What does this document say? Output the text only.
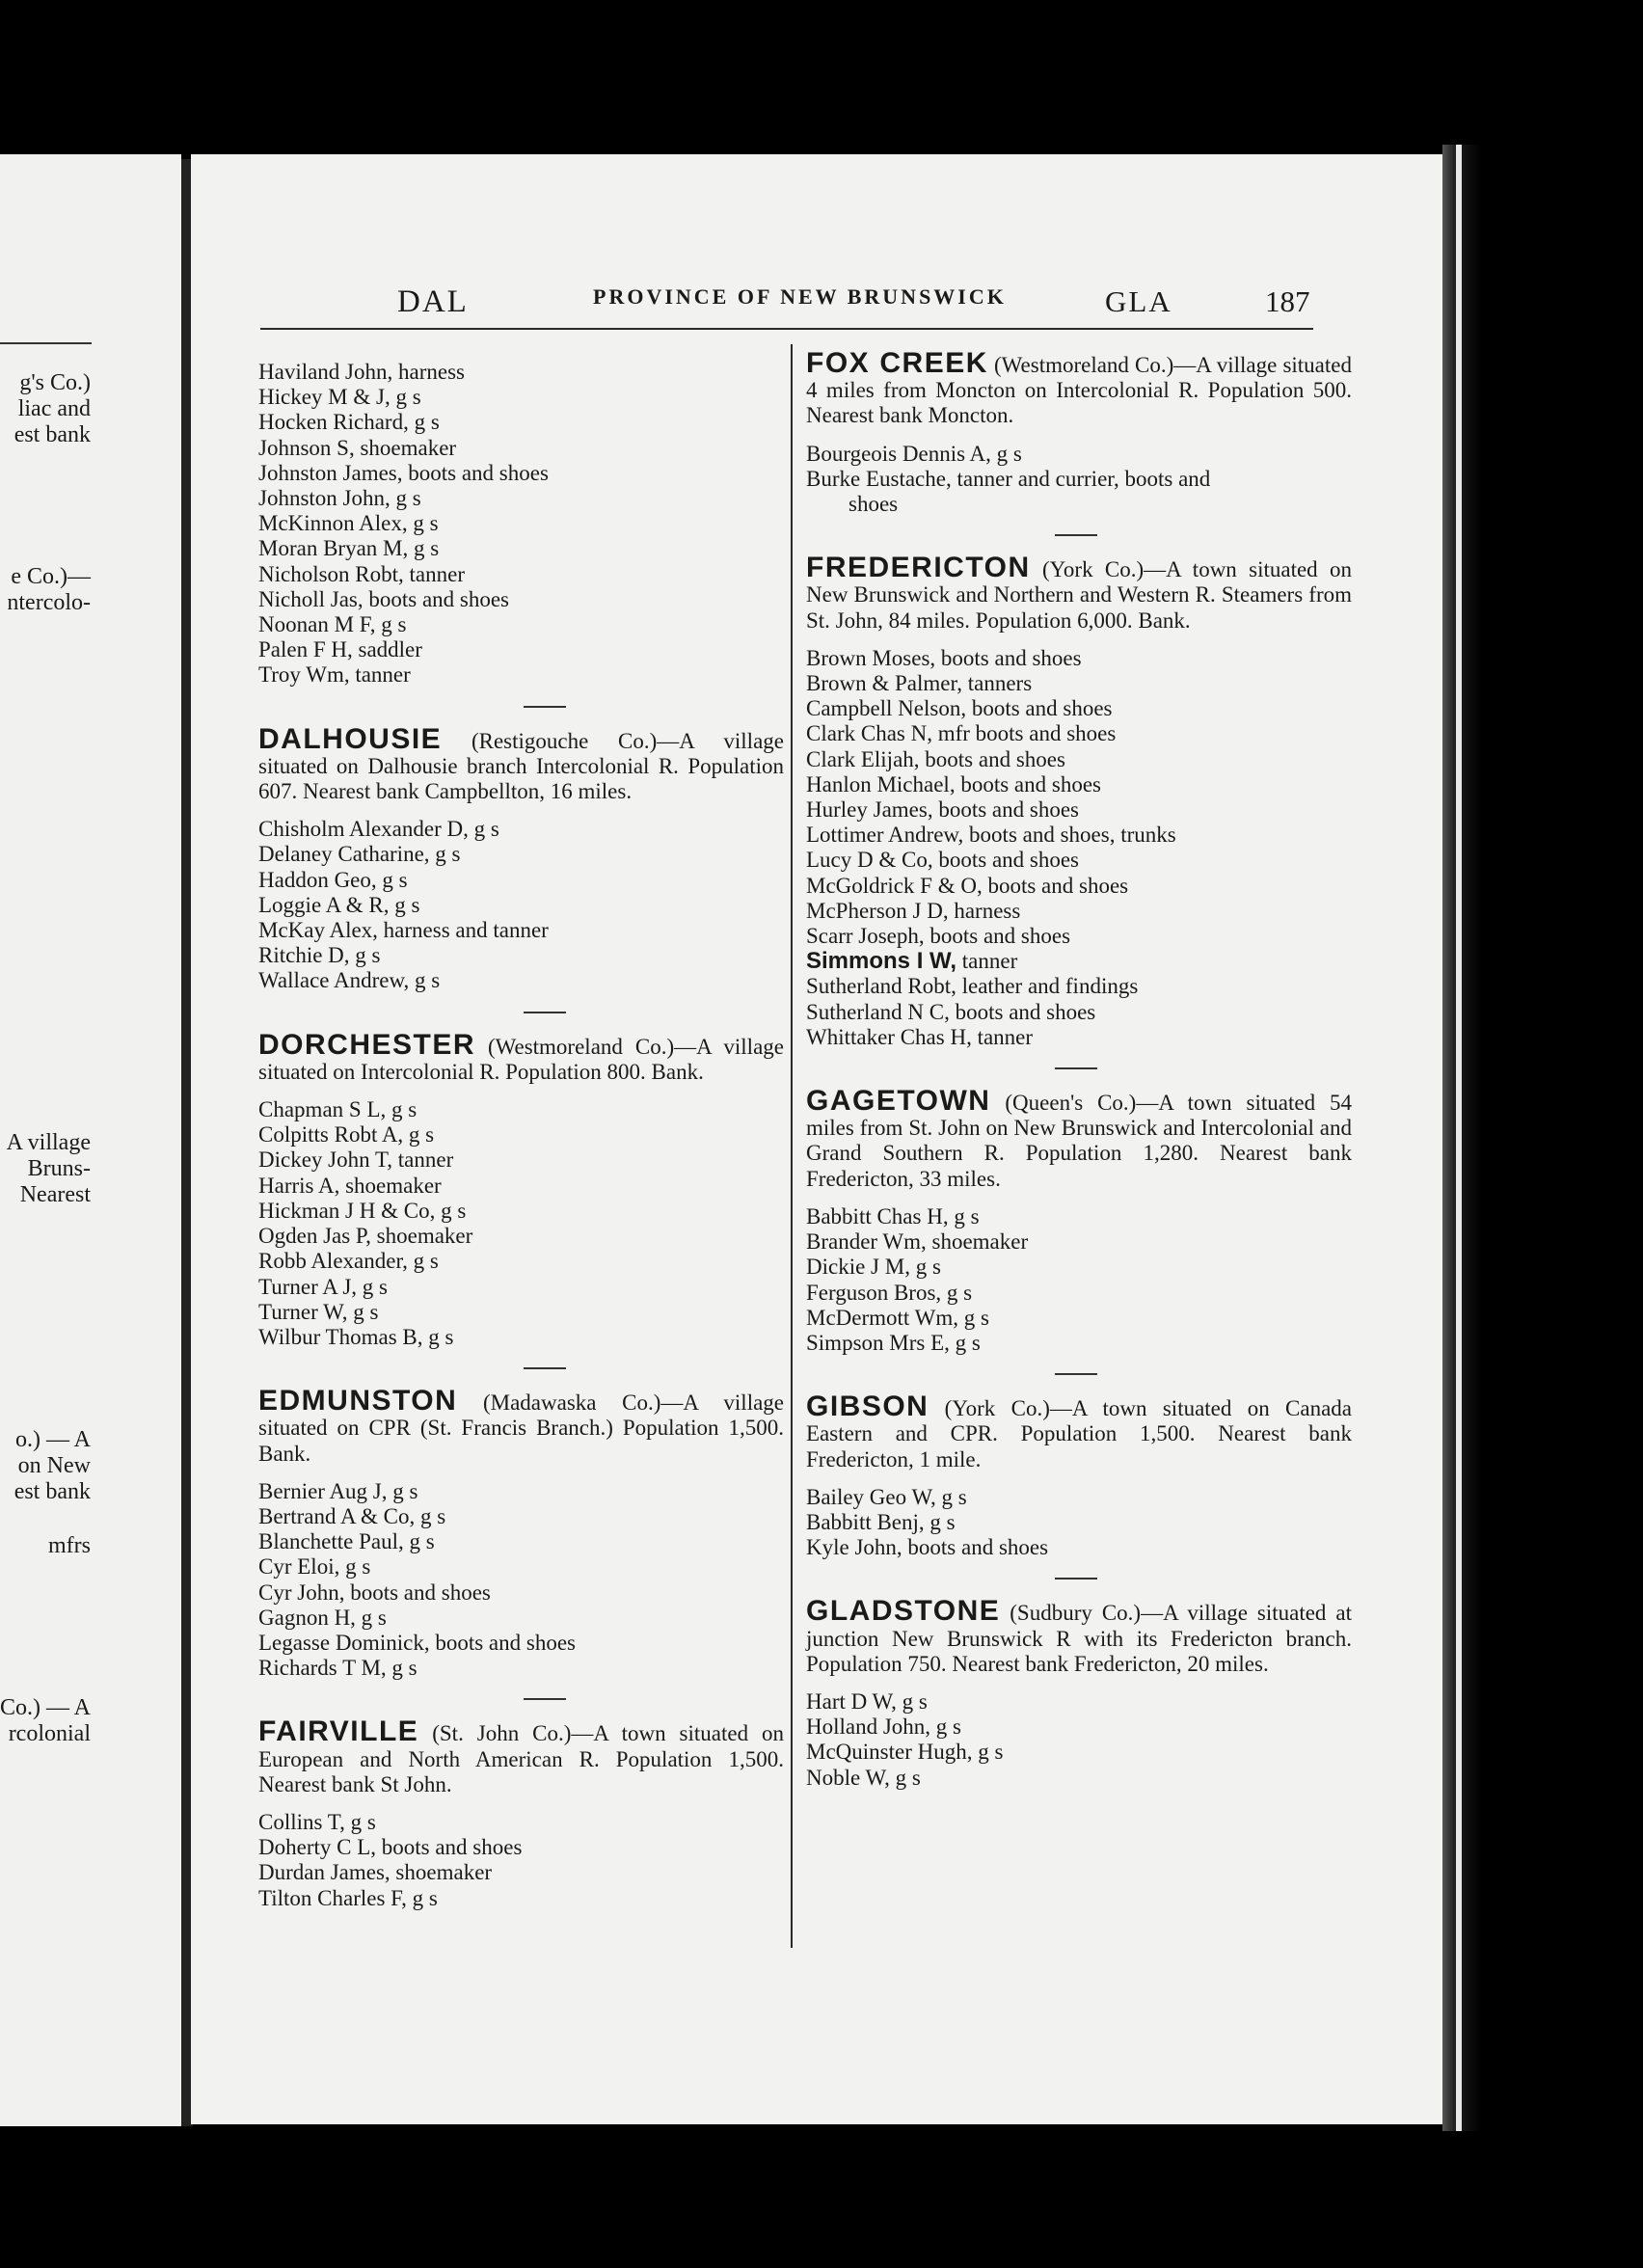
g's Co.)
liac and
est bank
e Co.)—
ntercolo-
A village
Bruns-
Nearest
o.) — A
on New
est bank
mfrs
Co.) — A
rcolonial
DAL	PROVINCE OF NEW BRUNSWICK	GLA	187
Haviland John, harness
Hickey M & J, g s
Hocken Richard, g s
Johnson S, shoemaker
Johnston James, boots and shoes
Johnston John, g s
McKinnon Alex, g s
Moran Bryan M, g s
Nicholson Robt, tanner
Nicholl Jas, boots and shoes
Noonan M F, g s
Palen F H, saddler
Troy Wm, tanner
DALHOUSIE (Restigouche Co.)—A village situated on Dalhousie branch Intercolonial R. Population 607. Nearest bank Campbellton, 16 miles.
Chisholm Alexander D, g s
Delaney Catharine, g s
Haddon Geo, g s
Loggie A & R, g s
McKay Alex, harness and tanner
Ritchie D, g s
Wallace Andrew, g s
DORCHESTER (Westmoreland Co.)—A village situated on Intercolonial R. Population 800. Bank.
Chapman S L, g s
Colpitts Robt A, g s
Dickey John T, tanner
Harris A, shoemaker
Hickman J H & Co, g s
Ogden Jas P, shoemaker
Robb Alexander, g s
Turner A J, g s
Turner W, g s
Wilbur Thomas B, g s
EDMUNSTON (Madawaska Co.)—A village situated on CPR (St. Francis Branch.) Population 1,500. Bank.
Bernier Aug J, g s
Bertrand A & Co, g s
Blanchette Paul, g s
Cyr Eloi, g s
Cyr John, boots and shoes
Gagnon H, g s
Legasse Dominick, boots and shoes
Richards T M, g s
FAIRVILLE (St. John Co.)—A town situated on European and North American R. Population 1,500. Nearest bank St John.
Collins T, g s
Doherty C L, boots and shoes
Durdan James, shoemaker
Tilton Charles F, g s
FOX CREEK (Westmoreland Co.)—A village situated 4 miles from Moncton on Intercolonial R. Population 500. Nearest bank Moncton.
Bourgeois Dennis A, g s
Burke Eustache, tanner and currier, boots and
shoes
FREDERICTON (York Co.)—A town situated on New Brunswick and Northern and Western R. Steamers from St. John, 84 miles. Population 6,000. Bank.
Brown Moses, boots and shoes
Brown & Palmer, tanners
Campbell Nelson, boots and shoes
Clark Chas N, mfr boots and shoes
Clark Elijah, boots and shoes
Hanlon Michael, boots and shoes
Hurley James, boots and shoes
Lottimer Andrew, boots and shoes, trunks
Lucy D & Co, boots and shoes
McGoldrick F & O, boots and shoes
McPherson J D, harness
Scarr Joseph, boots and shoes
Simmons I W, tanner
Sutherland Robt, leather and findings
Sutherland N C, boots and shoes
Whittaker Chas H, tanner
GAGETOWN (Queen's Co.)—A town situated 54 miles from St. John on New Brunswick and Intercolonial and Grand Southern R. Population 1,280. Nearest bank Fredericton, 33 miles.
Babbitt Chas H, g s
Brander Wm, shoemaker
Dickie J M, g s
Ferguson Bros, g s
McDermott Wm, g s
Simpson Mrs E, g s
GIBSON (York Co.)—A town situated on Canada Eastern and CPR. Population 1,500. Nearest bank Fredericton, 1 mile.
Bailey Geo W, g s
Babbitt Benj, g s
Kyle John, boots and shoes
GLADSTONE (Sudbury Co.)—A village situated at junction New Brunswick R with its Fredericton branch. Population 750. Nearest bank Fredericton, 20 miles.
Hart D W, g s
Holland John, g s
McQuinster Hugh, g s
Noble W, g s
